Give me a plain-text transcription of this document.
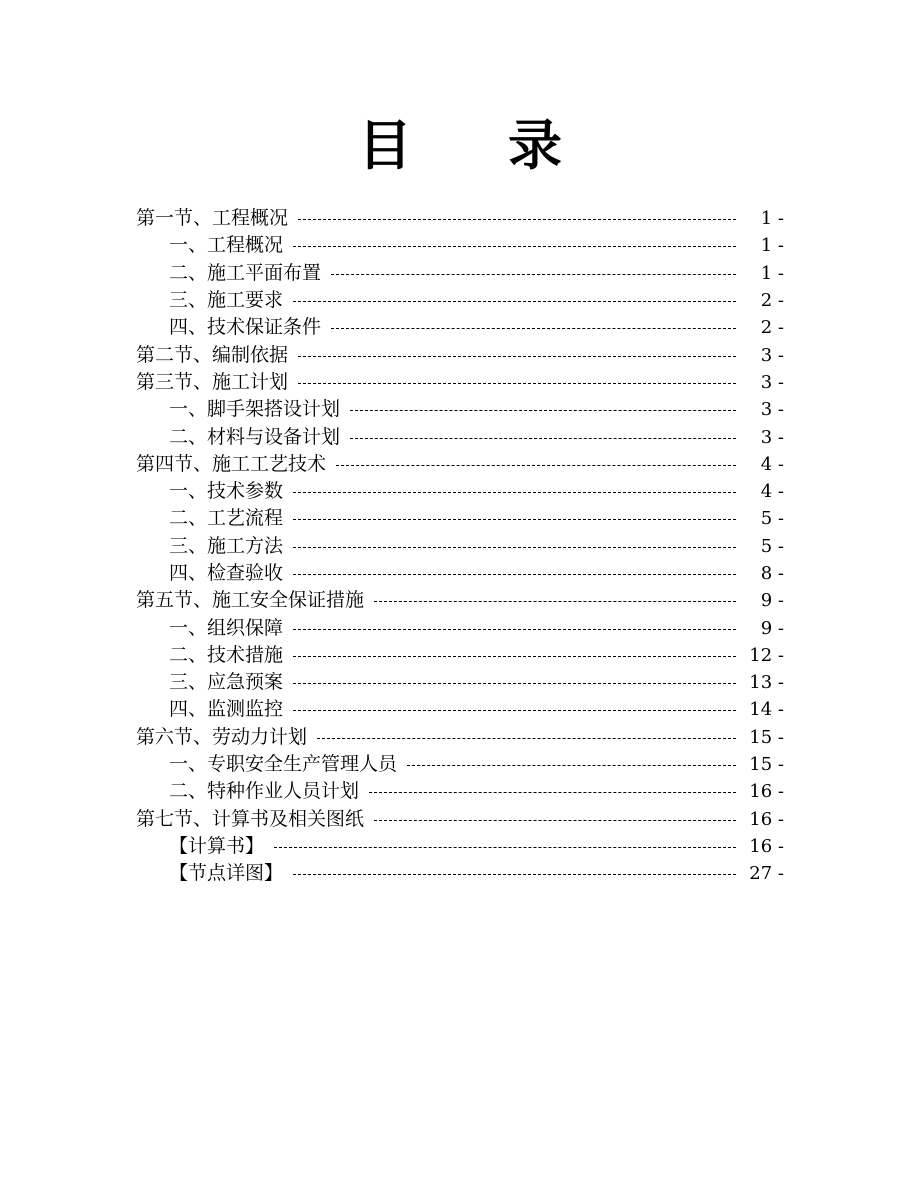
目录
第一节、工程概况	1 -
一、工程概况	1 -
二、施工平面布置	1 -
三、施工要求	2 -
四、技术保证条件	2 -
第二节、编制依据	3 -
第三节、施工计划	3 -
一、脚手架搭设计划	3 -
二、材料与设备计划	3 -
第四节、施工工艺技术	4 -
一、技术参数	4 -
二、工艺流程	5 -
三、施工方法	5 -
四、检查验收	8 -
第五节、施工安全保证措施	9 -
一、组织保障	9 -
二、技术措施	12 -
三、应急预案	13 -
四、监测监控	14 -
第六节、劳动力计划	15 -
一、专职安全生产管理人员	15 -
二、特种作业人员计划	16 -
第七节、计算书及相关图纸	16 -
【计算书】	16 -
【节点详图】	27 -
